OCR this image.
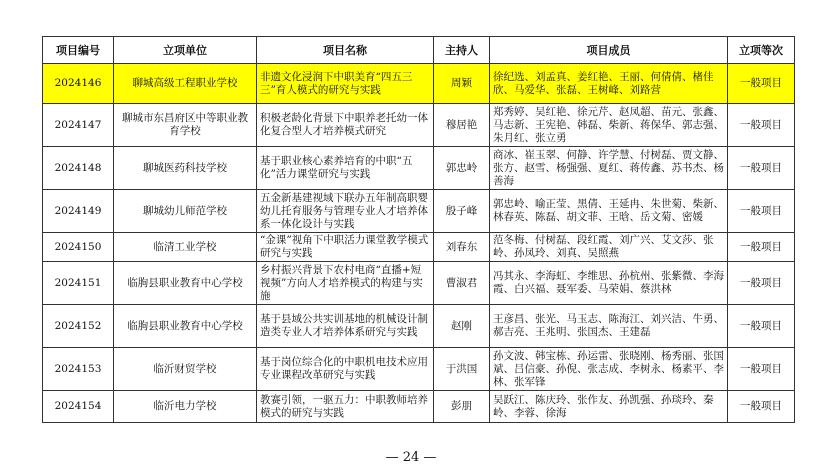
项目编号	立项单位	项目名称	主持人	项目成员	立项等次
2024146	聊城高级工程职业学校	非遗文化浸润下中职美育“四五三三”育人模式的研究与实践	周颖	徐纪选、刘孟真、姜红艳、王丽、何倩倩、楮佳欣、马爱华、张磊、王树峰、刘路营	一般项目
2024147	聊城市东昌府区中等职业教育学校	积极老龄化背景下中职养老托幼一体化复合型人才培养模式研究	穆居艳	郑秀婷、吴红艳、徐元芹、赵凤超、苗元、张鑫、马志新、王宪艳、韩磊、柴新、蒋保华、郭志强、朱月红、张立勇	一般项目
2024148	聊城医药科技学校	基于职业核心素养培育的中职“五化”活力课堂研究与实践	郭忠岭	商冰、崔玉翠、何静、许学慧、付树磊、贾文静、张方、赵雪、杨强强、夏红、蒋传鑫、苏书杰、杨善海	一般项目
2024149	聊城幼儿师范学校	五金新基建视域下联办五年制高职婴幼儿托育服务与管理专业人才培养体系一体化设计与实践	殷子峰	郭忠岭、喻正莹、黑倩、王延冉、朱世菊、柴新、林春英、陈磊、胡文菲、王晗、岳文菊、密媛	一般项目
2024150	临清工业学校	“金课”视角下中职活力课堂教学模式研究与实践	刘春东	范冬梅、付树磊、段红霞、刘广兴、艾文莎、张岭、孙凤玲、刘真、吴照燕	一般项目
2024151	临朐县职业教育中心学校	乡村振兴背景下农村电商“直播+短视频”方向人才培养模式的构建与实施	曹淑君	冯其永、李海虹、李维思、孙杭州、张紫微、李海霞、白兴福、聂军委、马荣娟、蔡洪林	一般项目
2024152	临朐县职业教育中心学校	基于县域公共实训基地的机械设计制造类专业人才培养体系研究与实践	赵刚	王彦昌、张光、马玉志、陈海江、刘兴洁、牛勇、郝吉亮、王兆明、张国杰、王建磊	一般项目
2024153	临沂财贸学校	基于岗位综合化的中职机电技术应用专业课程改革研究与实践	于洪国	孙文波、韩宝栋、孙运雷、张晓刚、杨秀丽、张国斌、吕信豪、孙倪、张志成、李树永、杨素平、李林、张军锋	一般项目
2024154	临沂电力学校	教赛引领，一驱五力：中职教师培养模式的研究与实践	彭朋	吴跃江、陈庆玲、张作友、孙凯强、孙琰玲、秦岭、李蓉、徐海	一般项目
— 24 —
